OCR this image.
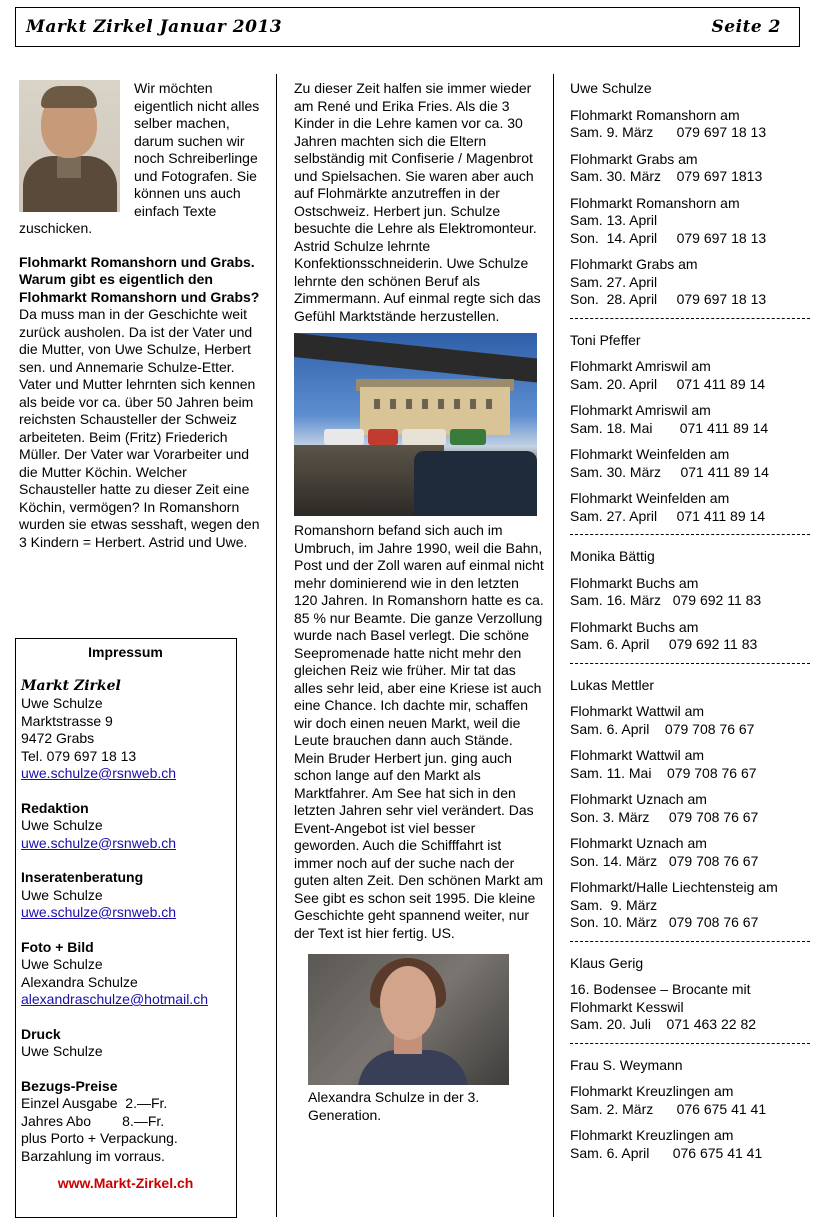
Markt Zirkel Januar 2013	Seite 2

Wir möchten eigentlich nicht alles selber machen, darum suchen wir noch Schreiberlinge und Fotografen. Sie können uns auch einfach Texte zuschicken.

Flohmarkt Romanshorn und Grabs.

Warum gibt es eigentlich den Flohmarkt Romanshorn und Grabs?

Da muss man in der Geschichte weit zurück ausholen. Da ist der Vater und die Mutter, von Uwe Schulze, Herbert sen. und Annemarie Schulze-Etter. Vater und Mutter lehrnten sich kennen als beide vor ca. über 50 Jahren beim reichsten Schausteller der Schweiz arbeiteten. Beim (Fritz) Friederich Müller. Der Vater war Vorarbeiter und die Mutter Köchin. Welcher Schausteller hatte zu dieser Zeit eine Köchin, vermögen? In Romanshorn wurden sie etwas sesshaft, wegen den 3 Kindern = Herbert. Astrid und Uwe.

Impressum
Markt Zirkel
Uwe Schulze
Marktstrasse 9
9472 Grabs
Tel. 079 697 18 13
uwe.schulze@rsnweb.ch
Redaktion
Uwe Schulze
uwe.schulze@rsnweb.ch
Inseratenberatung
Uwe Schulze
uwe.schulze@rsnweb.ch
Foto + Bild
Uwe Schulze
Alexandra Schulze
alexandraschulze@hotmail.ch
Druck
Uwe Schulze
Bezugs-Preise
Einzel Ausgabe  2.—Fr.
Jahres Abo        8.—Fr.
plus Porto + Verpackung.
Barzahlung im vorraus.
www.Markt-Zirkel.ch

Zu dieser Zeit halfen sie immer wieder am René und Erika Fries. Als die 3 Kinder in die Lehre kamen vor ca. 30 Jahren machten sich die Eltern selbständig mit Confiserie / Magenbrot und Spielsachen. Sie waren aber auch auf Flohmärkte anzutreffen in der Ostschweiz. Herbert jun. Schulze besuchte die Lehre als Elektromonteur. Astrid Schulze lehrnte Konfektionsschneiderin. Uwe Schulze lehrnte den schönen Beruf als Zimmermann. Auf einmal regte sich das Gefühl Marktstände herzustellen.

Romanshorn befand sich auch im Umbruch, im Jahre 1990, weil die Bahn, Post und der Zoll waren auf einmal nicht mehr dominierend wie in den letzten 120 Jahren. In Romanshorn hatte es ca. 85 % nur Beamte. Die ganze Verzollung wurde nach Basel verlegt. Die schöne Seepromenade hatte nicht mehr den gleichen Reiz wie früher. Mir tat das alles sehr leid, aber eine Kriese ist auch eine Chance. Ich dachte mir, schaffen wir doch einen neuen Markt, weil die Leute brauchen dann auch Stände. Mein Bruder Herbert jun. ging auch schon lange auf den Markt als Marktfahrer. Am See hat sich in den letzten Jahren sehr viel verändert. Das Event-Angebot ist viel besser geworden. Auch die Schifffahrt ist immer noch auf der suche nach der guten alten Zeit. Den schönen Markt am See gibt es schon seit 1995. Die kleine Geschichte geht spannend weiter, nur der Text ist hier fertig. US.

Alexandra Schulze in der 3. Generation.

Uwe Schulze
Flohmarkt Romanshorn am
Sam. 9. März      079 697 18 13
Flohmarkt Grabs am
Sam. 30. März    079 697 1813
Flohmarkt Romanshorn am
Sam. 13. April
Son.  14. April     079 697 18 13
Flohmarkt Grabs am
Sam. 27. April
Son.  28. April     079 697 18 13
Toni Pfeffer
Flohmarkt Amriswil am
Sam. 20. April     071 411 89 14
Flohmarkt Amriswil am
Sam. 18. Mai       071 411 89 14
Flohmarkt Weinfelden am
Sam. 30. März     071 411 89 14
Flohmarkt Weinfelden am
Sam. 27. April     071 411 89 14
Monika Bättig
Flohmarkt Buchs am
Sam. 16. März   079 692 11 83
Flohmarkt Buchs am
Sam. 6. April     079 692 11 83
Lukas Mettler
Flohmarkt Wattwil am
Sam. 6. April    079 708 76 67
Flohmarkt Wattwil am
Sam. 11. Mai    079 708 76 67
Flohmarkt Uznach am
Son. 3. März     079 708 76 67
Flohmarkt Uznach am
Son. 14. März   079 708 76 67
Flohmarkt/Halle Liechtensteig am
Sam.  9. März
Son. 10. März   079 708 76 67
Klaus Gerig
16. Bodensee – Brocante mit
Flohmarkt Kesswil
Sam. 20. Juli    071 463 22 82
Frau S. Weymann
Flohmarkt Kreuzlingen am
Sam. 2. März      076 675 41 41
Flohmarkt Kreuzlingen am
Sam. 6. April      076 675 41 41
